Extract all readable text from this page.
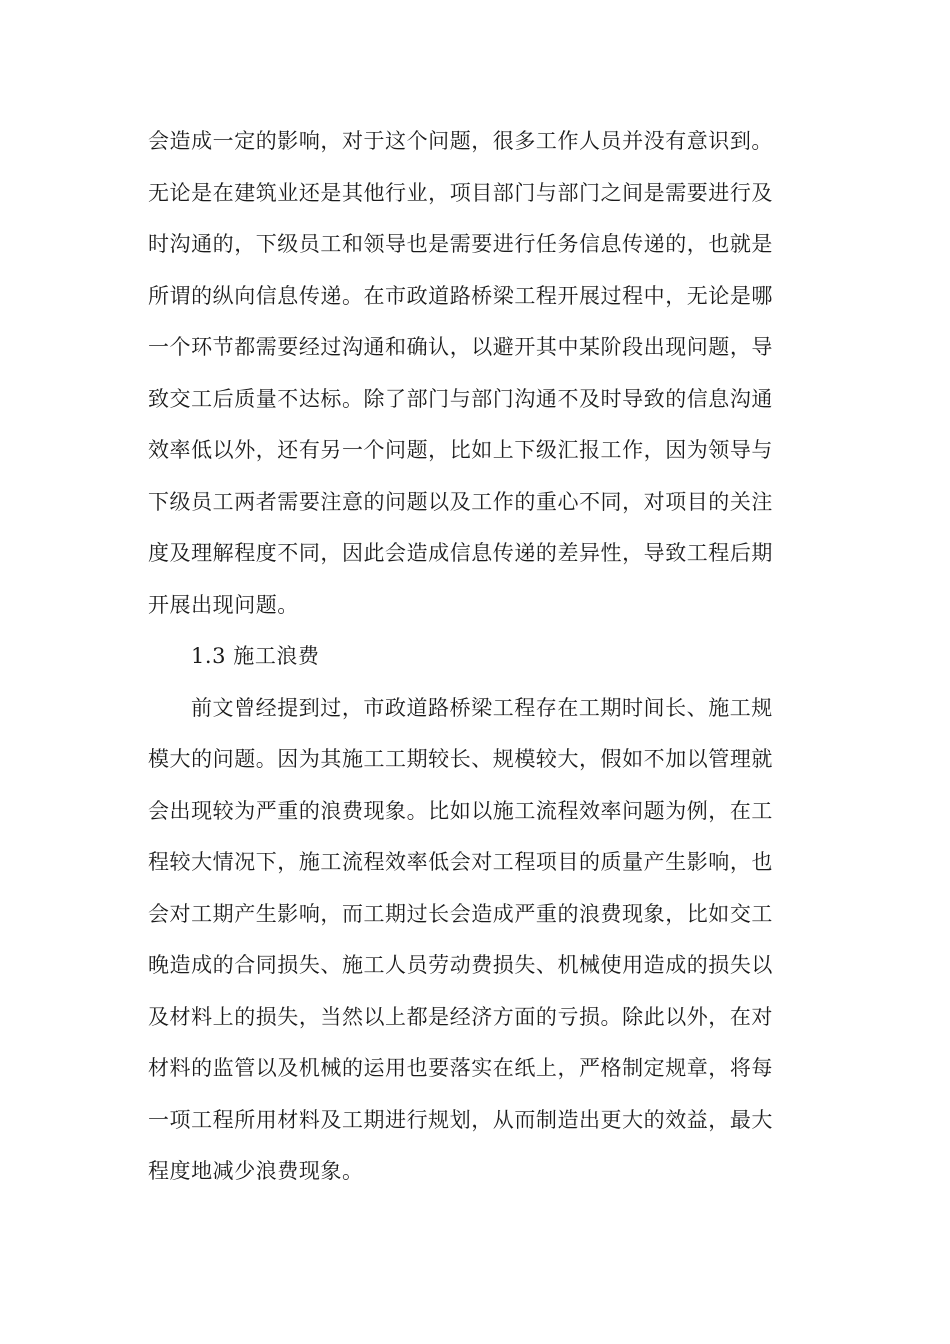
会造成一定的影响，对于这个问题，很多工作人员并没有意识到。
无论是在建筑业还是其他行业，项目部门与部门之间是需要进行及
时沟通的，下级员工和领导也是需要进行任务信息传递的，也就是
所谓的纵向信息传递。在市政道路桥梁工程开展过程中，无论是哪
一个环节都需要经过沟通和确认，以避开其中某阶段出现问题，导
致交工后质量不达标。除了部门与部门沟通不及时导致的信息沟通
效率低以外，还有另一个问题，比如上下级汇报工作，因为领导与
下级员工两者需要注意的问题以及工作的重心不同，对项目的关注
度及理解程度不同，因此会造成信息传递的差异性，导致工程后期
开展出现问题。
1.3 施工浪费
前文曾经提到过，市政道路桥梁工程存在工期时间长、施工规
模大的问题。因为其施工工期较长、规模较大，假如不加以管理就
会出现较为严重的浪费现象。比如以施工流程效率问题为例，在工
程较大情况下，施工流程效率低会对工程项目的质量产生影响，也
会对工期产生影响，而工期过长会造成严重的浪费现象，比如交工
晚造成的合同损失、施工人员劳动费损失、机械使用造成的损失以
及材料上的损失，当然以上都是经济方面的亏损。除此以外，在对
材料的监管以及机械的运用也要落实在纸上，严格制定规章，将每
一项工程所用材料及工期进行规划，从而制造出更大的效益，最大
程度地减少浪费现象。
